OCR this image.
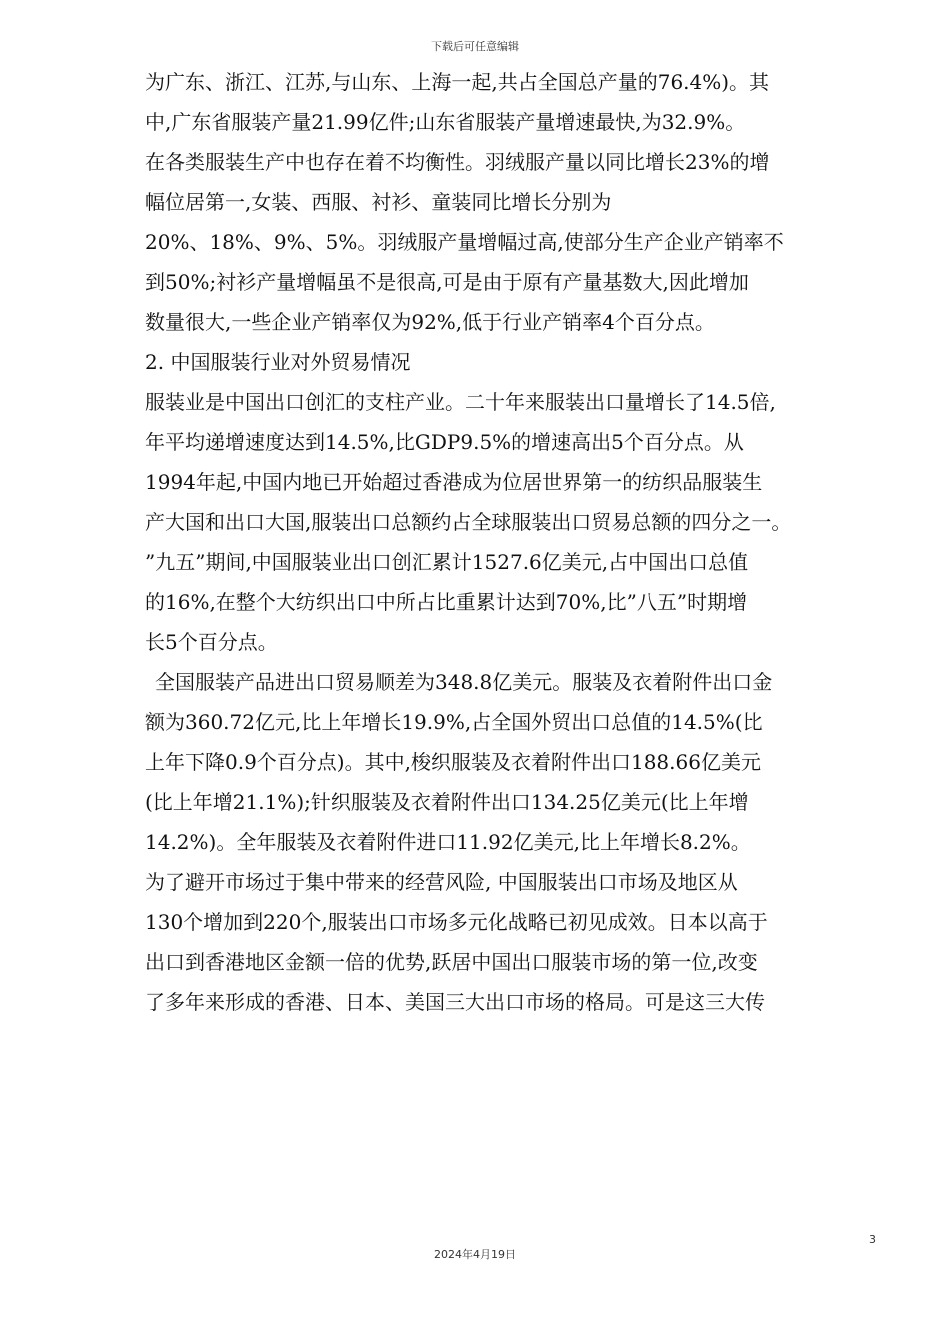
下载后可任意编辑
为广东、浙江、江苏,与山东、上海一起,共占全国总产量的76.4%)。其
中,广东省服装产量21.99亿件;山东省服装产量增速最快,为32.9%。
在各类服装生产中也存在着不均衡性。羽绒服产量以同比增长23%的增
幅位居第一,女装、西服、衬衫、童装同比增长分别为
20%、18%、9%、5%。羽绒服产量增幅过高,使部分生产企业产销率不
到50%;衬衫产量增幅虽不是很高,可是由于原有产量基数大,因此增加
数量很大,一些企业产销率仅为92%,低于行业产销率4个百分点。
2. 中国服装行业对外贸易情况
服装业是中国出口创汇的支柱产业。二十年来服装出口量增长了14.5倍,
年平均递增速度达到14.5%,比GDP9.5%的增速高出5个百分点。从
1994年起,中国内地已开始超过香港成为位居世界第一的纺织品服装生
产大国和出口大国,服装出口总额约占全球服装出口贸易总额的四分之一。
”九五”期间,中国服装业出口创汇累计1527.6亿美元,占中国出口总值
的16%,在整个大纺织出口中所占比重累计达到70%,比”八五”时期增
长5个百分点。
全国服装产品进出口贸易顺差为348.8亿美元。服装及衣着附件出口金
额为360.72亿元,比上年增长19.9%,占全国外贸出口总值的14.5%(比
上年下降0.9个百分点)。其中,梭织服装及衣着附件出口188.66亿美元
(比上年增21.1%);针织服装及衣着附件出口134.25亿美元(比上年增
14.2%)。全年服装及衣着附件进口11.92亿美元,比上年增长8.2%。
为了避开市场过于集中带来的经营风险, 中国服装出口市场及地区从
130个增加到220个,服装出口市场多元化战略已初见成效。日本以高于
出口到香港地区金额一倍的优势,跃居中国出口服装市场的第一位,改变
了多年来形成的香港、日本、美国三大出口市场的格局。可是这三大传
3
2024年4月19日
